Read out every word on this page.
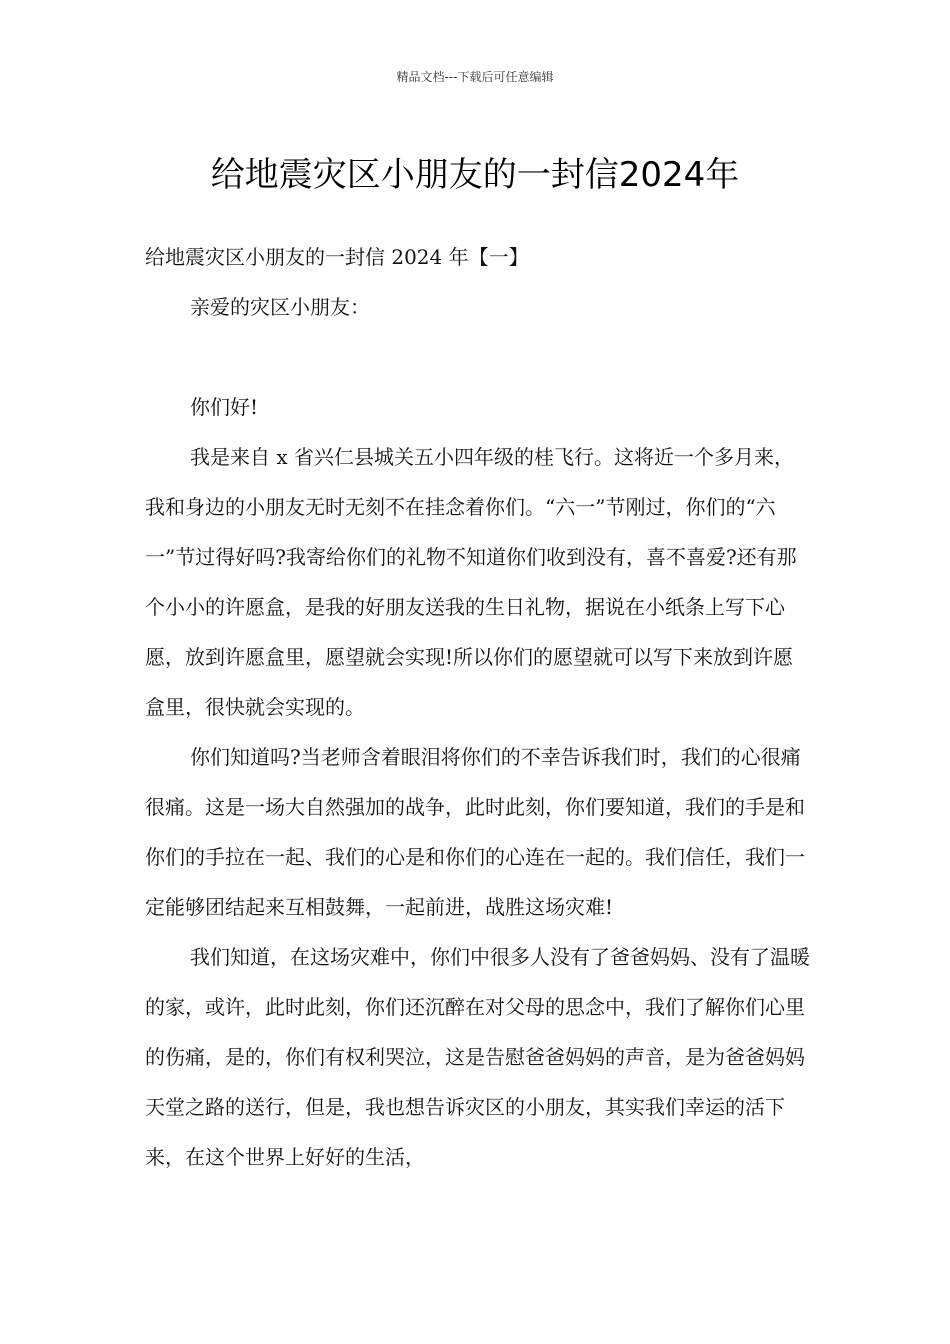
精品文档---下载后可任意编辑
给地震灾区小朋友的一封信2024年

给地震灾区小朋友的一封信 2024 年【一】

亲爱的灾区小朋友：

你们好!

我是来自 x 省兴仁县城关五小四年级的桂飞行。这将近一个多月来，我和身边的小朋友无时无刻不在挂念着你们。“六一”节刚过，你们的“六一”节过得好吗?我寄给你们的礼物不知道你们收到没有，喜不喜爱?还有那个小小的许愿盒，是我的好朋友送我的生日礼物，据说在小纸条上写下心愿，放到许愿盒里，愿望就会实现!所以你们的愿望就可以写下来放到许愿盒里，很快就会实现的。

你们知道吗?当老师含着眼泪将你们的不幸告诉我们时，我们的心很痛很痛。这是一场大自然强加的战争，此时此刻，你们要知道，我们的手是和你们的手拉在一起、我们的心是和你们的心连在一起的。我们信任，我们一定能够团结起来互相鼓舞，一起前进，战胜这场灾难!

我们知道，在这场灾难中，你们中很多人没有了爸爸妈妈、没有了温暖的家，或许，此时此刻，你们还沉醉在对父母的思念中，我们了解你们心里的伤痛，是的，你们有权利哭泣，这是告慰爸爸妈妈的声音，是为爸爸妈妈天堂之路的送行，但是，我也想告诉灾区的小朋友，其实我们幸运的活下来，在这个世界上好好的生活，
